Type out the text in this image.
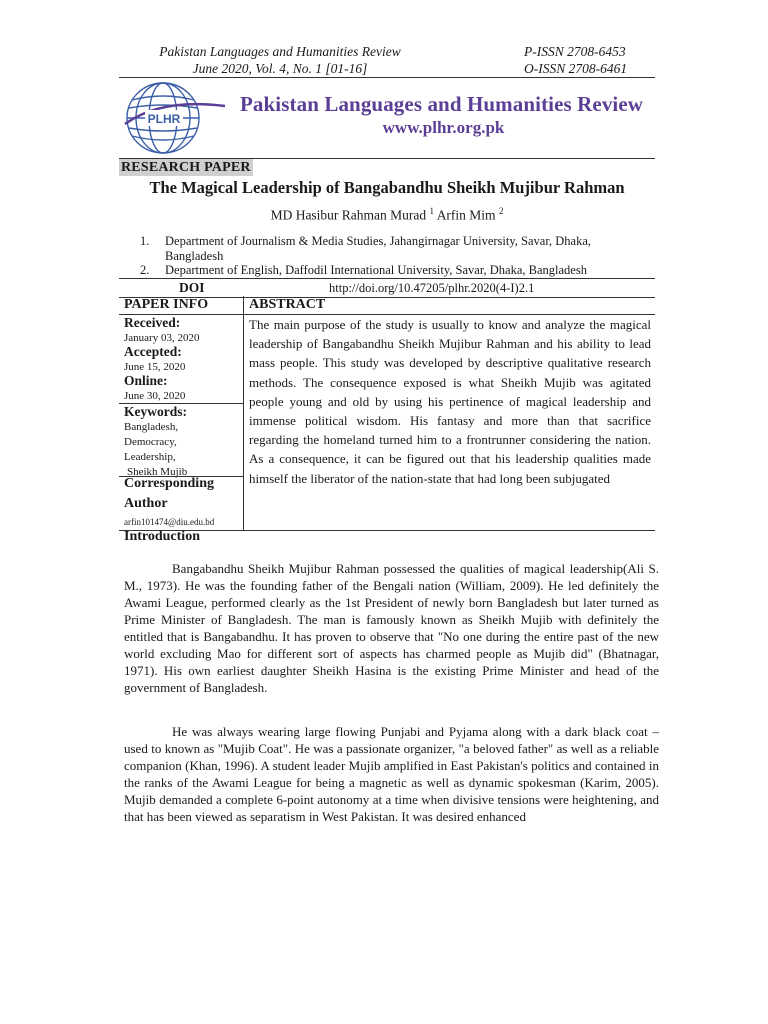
Pakistan Languages and Humanities Review
June 2020, Vol. 4, No. 1 [01-16]
P-ISSN 2708-6453
O-ISSN 2708-6461
PLHR
Pakistan Languages and Humanities Review
www.plhr.org.pk
RESEARCH PAPER
The Magical Leadership of Bangabandhu Sheikh Mujibur Rahman
MD Hasibur Rahman Murad $^1$ Arfin Mim $^2$
1.	Department of Journalism & Media Studies, Jahangirnagar University, Savar, Dhaka,
Bangladesh
2.	Department of English, Daffodil International University, Savar, Dhaka, Bangladesh
DOI	http://doi.org/10.47205/plhr.2020(4-I)2.1
PAPER INFO	ABSTRACT
Received:
January 03, 2020
Accepted:
June 15, 2020
Online:
June 30, 2020
Keywords:
Bangladesh,
Democracy,
Leadership,
Sheikh Mujib
Corresponding
Author
arfin101474@diu.edu.bd
The main purpose of the study is usually to know and analyze the magical leadership of Bangabandhu Sheikh Mujibur Rahman and his ability to lead mass people. This study was developed by descriptive qualitative research methods. The consequence exposed is what Sheikh Mujib was agitated people young and old by using his pertinence of magical leadership and immense political wisdom. His fantasy and more than that sacrifice regarding the homeland turned him to a frontrunner considering the nation. As a consequence, it can be figured out that his leadership qualities made himself the liberator of the nation-state that had long been subjugated
Introduction
Bangabandhu Sheikh Mujibur Rahman possessed the qualities of magical leadership(Ali S. M., 1973). He was the founding father of the Bengali nation (William, 2009). He led definitely the Awami League, performed clearly as the 1st President of newly born Bangladesh but later turned as Prime Minister of Bangladesh. The man is famously known as Sheikh Mujib with definitely the entitled that is Bangabandhu. It has proven to observe that "No one during the entire past of the new world excluding Mao for different sort of aspects has charmed people as Mujib did" (Bhatnagar, 1971). His own earliest daughter Sheikh Hasina is the existing Prime Minister and head of the government of Bangladesh.
He was always wearing large flowing Punjabi and Pyjama along with a dark black coat – used to known as "Mujib Coat". He was a passionate organizer, "a beloved father" as well as a reliable companion (Khan, 1996). A student leader Mujib amplified in East Pakistan's politics and contained in the ranks of the Awami League for being a magnetic as well as dynamic spokesman (Karim, 2005). Mujib demanded a complete 6-point autonomy at a time when divisive tensions were heightening, and that has been viewed as separatism in West Pakistan. It was desired enhanced
